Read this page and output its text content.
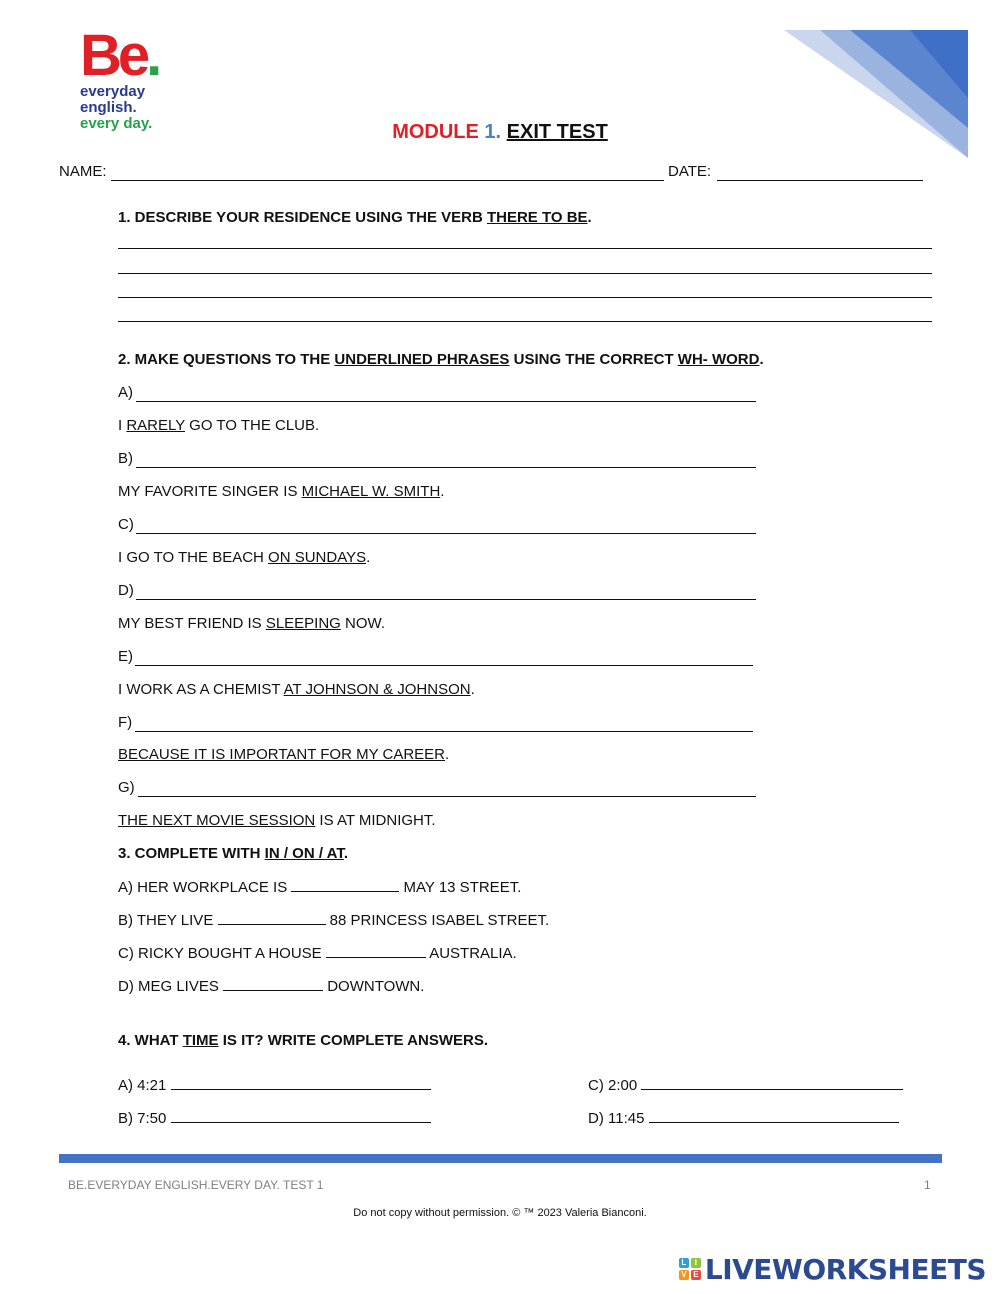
Be.
everyday
english.
every day.	MODULE 1. EXIT TEST
NAME:	DATE:
1. DESCRIBE YOUR RESIDENCE USING THE VERB THERE TO BE.
2. MAKE QUESTIONS TO THE UNDERLINED PHRASES USING THE CORRECT WH- WORD.
A)
I RARELY GO TO THE CLUB.
B)
MY FAVORITE SINGER IS MICHAEL W. SMITH.
C)
I GO TO THE BEACH ON SUNDAYS.
D)
MY BEST FRIEND IS SLEEPING NOW.
E)
I WORK AS A CHEMIST AT JOHNSON & JOHNSON.
F)
BECAUSE IT IS IMPORTANT FOR MY CAREER.
G)
THE NEXT MOVIE SESSION IS AT MIDNIGHT.
3. COMPLETE WITH IN / ON / AT.
A) HER WORKPLACE IS	MAY 13 STREET.
B) THEY LIVE	88 PRINCESS ISABEL STREET.
C) RICKY BOUGHT A HOUSE	AUSTRALIA.
D) MEG LIVES	DOWNTOWN.
4. WHAT TIME IS IT? WRITE COMPLETE ANSWERS.
A) 4:21
B) 7:50
C) 2:00
D) 11:45
BE.EVERYDAY ENGLISH.EVERY DAY. TEST 1	1
Do not copy without permission. © ™ 2023 Valeria Bianconi.
L	I
V E LIVEWORKSHEETS
